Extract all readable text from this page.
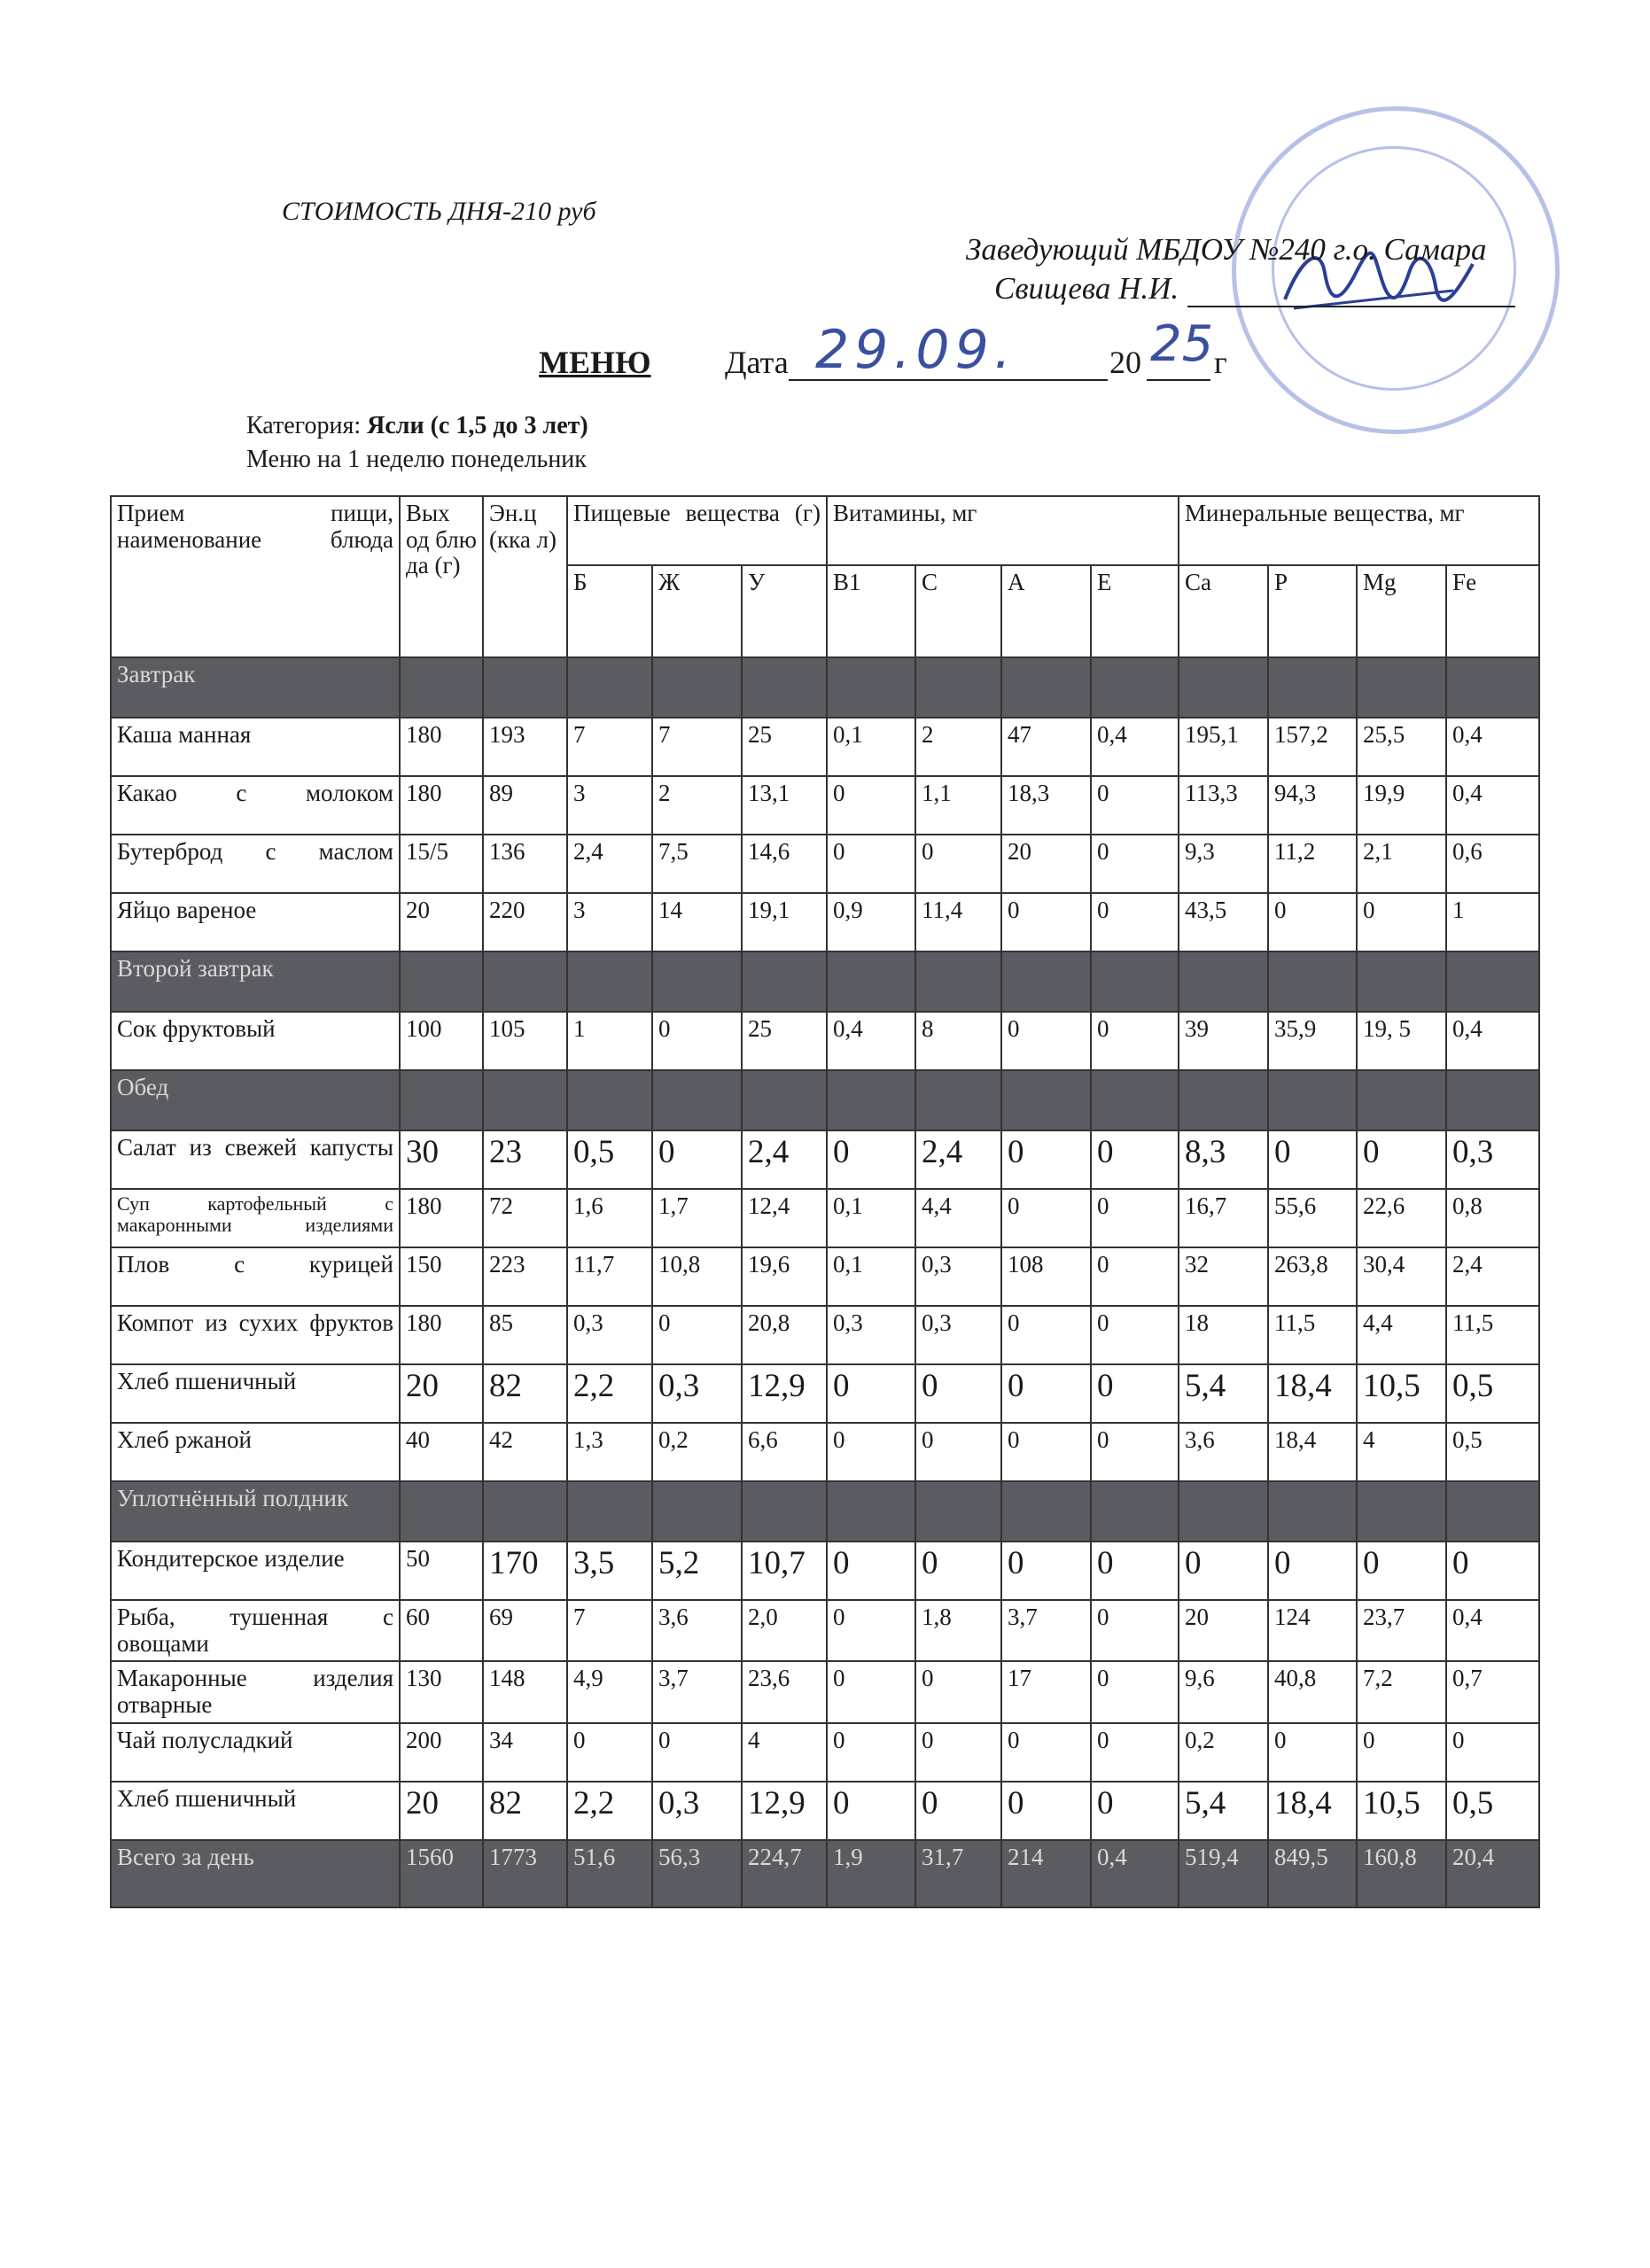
СТОИМОСТЬ ДНЯ-210 руб
Заведующий МБДОУ №240 г.о. Самара
Свищева Н.И.
МЕНЮ Дата 29.09.	20 25 г
Категория: Ясли (с 1,5 до 3 лет)
Меню на 1 неделю понедельник
Прием пищи, наименование блюда	Вых од блю да (г)	Эн.ц (кка л)	Пищевые вещества (г)			Витамины, мг				Минеральные вещества, мг			
			Б	Ж	У	В1	С	А	Е	Ca	P	Mg	Fe
Завтрак													
Каша манная	180	193	7	7	25	0,1	2	47	0,4	195,1	157,2	25,5	0,4
Какао с молоком	180	89	3	2	13,1	0	1,1	18,3	0	113,3	94,3	19,9	0,4
Бутерброд с маслом	15/5	136	2,4	7,5	14,6	0	0	20	0	9,3	11,2	2,1	0,6
Яйцо вареное	20	220	3	14	19,1	0,9	11,4	0	0	43,5	0	0	1
Второй завтрак													
Сок фруктовый	100	105	1	0	25	0,4	8	0	0	39	35,9	19, 5	0,4
Обед													
Салат из свежей капусты	30	23	0,5	0	2,4	0	2,4	0	0	8,3	0	0	0,3
Суп картофельный с макаронными изделиями	180	72	1,6	1,7	12,4	0,1	4,4	0	0	16,7	55,6	22,6	0,8
Плов с курицей	150	223	11,7	10,8	19,6	0,1	0,3	108	0	32	263,8	30,4	2,4
Компот из сухих фруктов	180	85	0,3	0	20,8	0,3	0,3	0	0	18	11,5	4,4	11,5
Хлеб пшеничный	20	82	2,2	0,3	12,9	0	0	0	0	5,4	18,4	10,5	0,5
Хлеб ржаной	40	42	1,3	0,2	6,6	0	0	0	0	3,6	18,4	4	0,5
Уплотнённый полдник													
Кондитерское изделие	50	170	3,5	5,2	10,7	0	0	0	0	0	0	0	0
Рыба, тушенная с овощами	60	69	7	3,6	2,0	0	1,8	3,7	0	20	124	23,7	0,4
Макаронные изделия отварные	130	148	4,9	3,7	23,6	0	0	17	0	9,6	40,8	7,2	0,7
Чай полусладкий	200	34	0	0	4	0	0	0	0	0,2	0	0	0
Хлеб пшеничный	20	82	2,2	0,3	12,9	0	0	0	0	5,4	18,4	10,5	0,5
Всего за день	1560	1773	51,6	56,3	224,7	1,9	31,7	214	0,4	519,4	849,5	160,8	20,4
